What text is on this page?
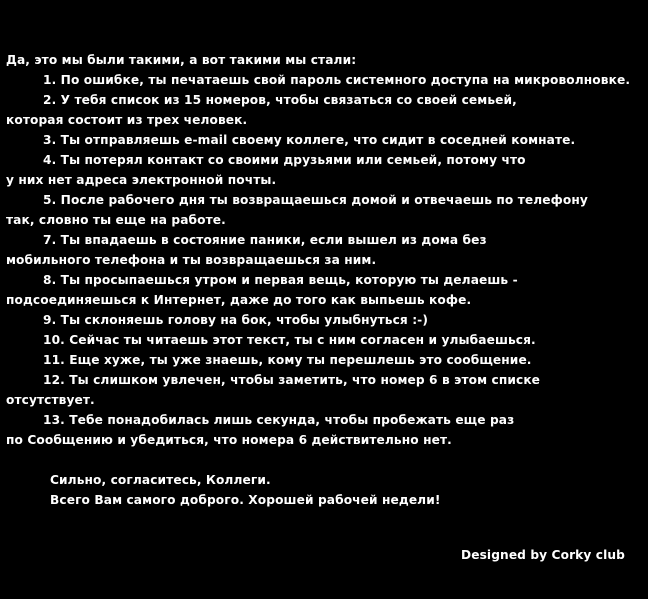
Да, это мы были такими, а вот такими мы стали:
1. По ошибке, ты печатаешь свой пароль системного доступа на микроволновке.
2. У тебя список из 15 номеров, чтобы связаться со своей семьей,
которая состоит из трех человек.
3. Ты отправляешь e-mail своему коллеге, что сидит в соседней комнате.
4. Ты потерял контакт со своими друзьями или семьей, потому что
у них нет адреса электронной почты.
5. После рабочего дня ты возвращаешься домой и отвечаешь по телефону
так, словно ты еще на работе.
7. Ты впадаешь в состояние паники, если вышел из дома без
мобильного телефона и ты возвращаешься за ним.
8. Ты просыпаешься утром и первая вещь, которую ты делаешь -
подсоединяешься к Интернет, даже до того как выпьешь кофе.
9. Ты склоняешь голову на бок, чтобы улыбнуться :-)
10. Сейчас ты читаешь этот текст, ты с ним согласен и улыбаешься.
11. Еще хуже, ты уже знаешь, кому ты перешлешь это сообщение.
12. Ты слишком увлечен, чтобы заметить, что номер 6 в этом списке
отсутствует.
13. Тебе понадобилась лишь секунда, чтобы пробежать еще раз
по Сообщению и убедиться, что номера 6 действительно нет.
Сильно, согласитесь, Коллеги.
Всего Вам самого доброго. Хорошей рабочей недели!
Designed by Corky club
